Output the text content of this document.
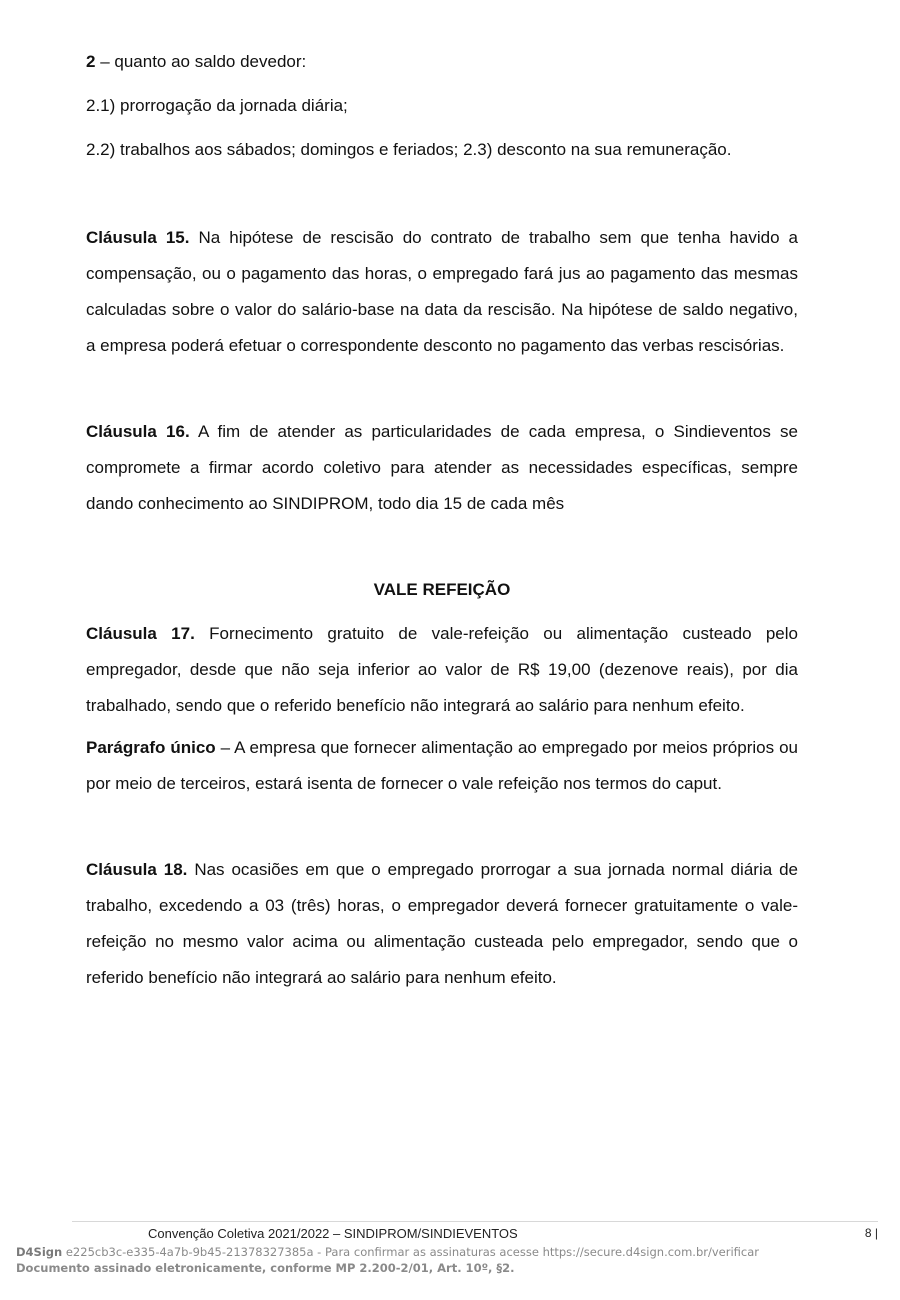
2 – quanto ao saldo devedor:

2.1) prorrogação da jornada diária;

2.2) trabalhos aos sábados; domingos e feriados; 2.3) desconto na sua remuneração.

Cláusula 15. Na hipótese de rescisão do contrato de trabalho sem que tenha havido a compensação, ou o pagamento das horas, o empregado fará jus ao pagamento das mesmas calculadas sobre o valor do salário-base na data da rescisão. Na hipótese de saldo negativo, a empresa poderá efetuar o correspondente desconto no pagamento das verbas rescisórias.

Cláusula 16. A fim de atender as particularidades de cada empresa, o Sindieventos se compromete a firmar acordo coletivo para atender as necessidades específicas, sempre dando conhecimento ao SINDIPROM, todo dia 15 de cada mês

VALE REFEIÇÃO

Cláusula 17. Fornecimento gratuito de vale-refeição ou alimentação custeado pelo empregador, desde que não seja inferior ao valor de R$ 19,00 (dezenove reais), por dia trabalhado, sendo que o referido benefício não integrará ao salário para nenhum efeito.

Parágrafo único – A empresa que fornecer alimentação ao empregado por meios próprios ou por meio de terceiros, estará isenta de fornecer o vale refeição nos termos do caput.

Cláusula 18. Nas ocasiões em que o empregado prorrogar a sua jornada normal diária de trabalho, excedendo a 03 (três) horas, o empregador deverá fornecer gratuitamente o vale-refeição no mesmo valor acima ou alimentação custeada pelo empregador, sendo que o referido benefício não integrará ao salário para nenhum efeito.

Convenção Coletiva 2021/2022 – SINDIPROM/SINDIEVENTOS	8 |
D4Sign e225cb3c-e335-4a7b-9b45-21378327385a - Para confirmar as assinaturas acesse https://secure.d4sign.com.br/verificar
Documento assinado eletronicamente, conforme MP 2.200-2/01, Art. 10º, §2.
